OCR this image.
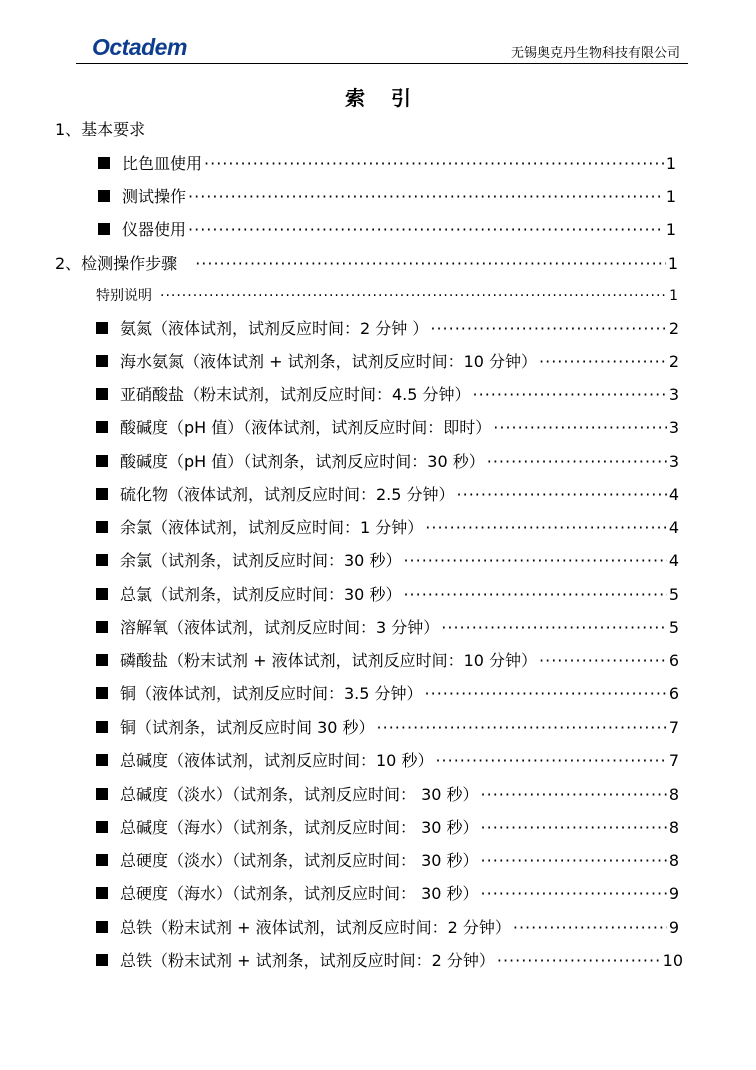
Octadem	无锡奥克丹生物科技有限公司
索引
1、基本要求
比色皿使用 ·····	1
测试操作 ·····	1
仪器使用 ·····	1
2、检测操作步骤 ·····	1
特别说明 ·····	1
氨氮（液体试剂，试剂反应时间：2 分钟 ） ·····	2
海水氨氮（液体试剂 + 试剂条，试剂反应时间：10 分钟） ·····	2
亚硝酸盐（粉末试剂，试剂反应时间：4.5 分钟） ·····	3
酸碱度（pH 值）（液体试剂，试剂反应时间：即时） ·····	3
酸碱度（pH 值）（试剂条，试剂反应时间：30 秒） ·····	3
硫化物（液体试剂，试剂反应时间：2.5 分钟） ·····	4
余氯（液体试剂，试剂反应时间：1 分钟） ·····	4
余氯（试剂条，试剂反应时间：30 秒） ·····	4
总氯（试剂条，试剂反应时间：30 秒） ·····	5
溶解氧（液体试剂，试剂反应时间：3 分钟） ·····	5
磷酸盐（粉末试剂 + 液体试剂，试剂反应时间：10 分钟） ·····	6
铜（液体试剂，试剂反应时间：3.5 分钟） ·····	6
铜（试剂条，试剂反应时间 30 秒） ·····	7
总碱度（液体试剂，试剂反应时间：10 秒） ·····	7
总碱度（淡水）（试剂条，试剂反应时间： 30 秒） ·····	8
总碱度（海水）（试剂条，试剂反应时间： 30 秒） ·····	8
总硬度（淡水）（试剂条，试剂反应时间： 30 秒） ·····	8
总硬度（海水）（试剂条，试剂反应时间： 30 秒） ·····	9
总铁（粉末试剂 + 液体试剂，试剂反应时间：2 分钟） ·····	9
总铁（粉末试剂 + 试剂条，试剂反应时间：2 分钟） ·····	10
